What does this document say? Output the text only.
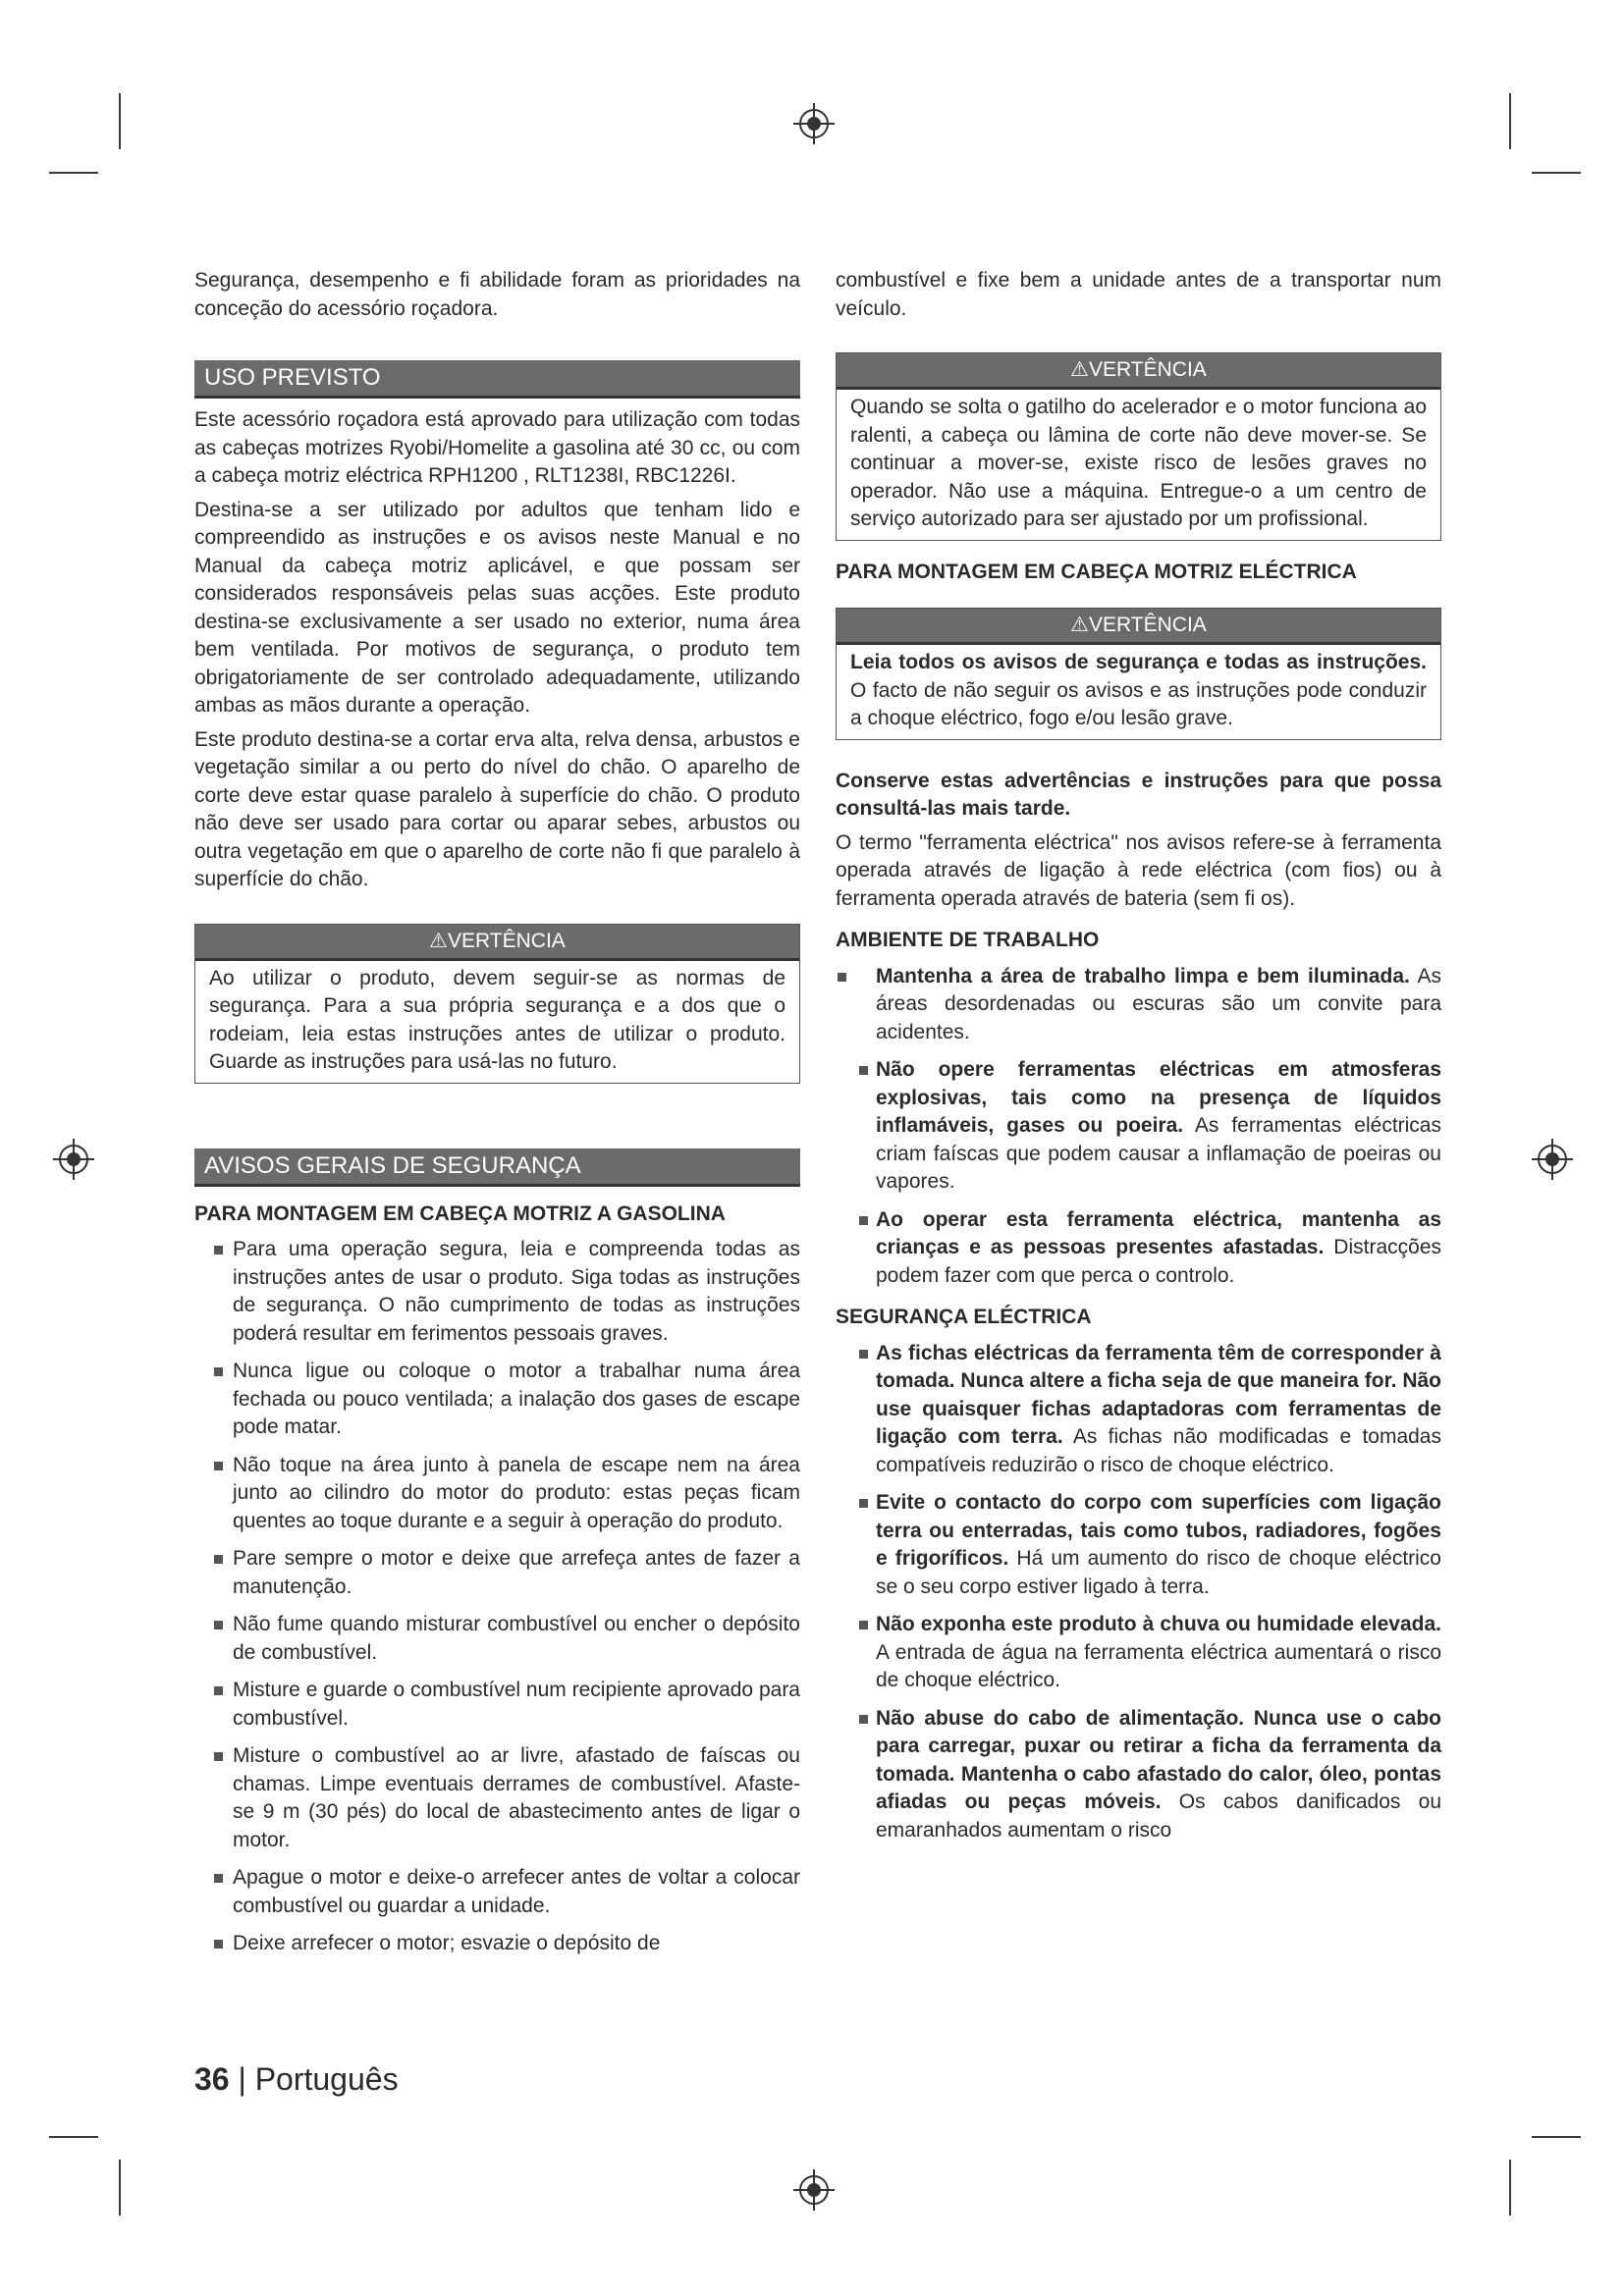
Segurança, desempenho e fi abilidade foram as prioridades na conceção do acessório roçadora.

USO PREVISTO

Este acessório roçadora está aprovado para utilização com todas as cabeças motrizes Ryobi/Homelite a gasolina até 30 cc, ou com a cabeça motriz eléctrica RPH1200 , RLT1238I, RBC1226I.

Destina-se a ser utilizado por adultos que tenham lido e compreendido as instruções e os avisos neste Manual e no Manual da cabeça motriz aplicável, e que possam ser considerados responsáveis pelas suas acções. Este produto destina-se exclusivamente a ser usado no exterior, numa área bem ventilada. Por motivos de segurança, o produto tem obrigatoriamente de ser controlado adequadamente, utilizando ambas as mãos durante a operação.

Este produto destina-se a cortar erva alta, relva densa, arbustos e vegetação similar a ou perto do nível do chão. O aparelho de corte deve estar quase paralelo à superfície do chão. O produto não deve ser usado para cortar ou aparar sebes, arbustos ou outra vegetação em que o aparelho de corte não fi que paralelo à superfície do chão.

⚠VERTÊNCIA
Ao utilizar o produto, devem seguir-se as normas de segurança. Para a sua própria segurança e a dos que o rodeiam, leia estas instruções antes de utilizar o produto. Guarde as instruções para usá-las no futuro.
AVISOS GERAIS DE SEGURANÇA
PARA MONTAGEM EM CABEÇA MOTRIZ A GASOLINA
Para uma operação segura, leia e compreenda todas as instruções antes de usar o produto. Siga todas as instruções de segurança. O não cumprimento de todas as instruções poderá resultar em ferimentos pessoais graves.
Nunca ligue ou coloque o motor a trabalhar numa área fechada ou pouco ventilada; a inalação dos gases de escape pode matar.
Não toque na área junto à panela de escape nem na área junto ao cilindro do motor do produto: estas peças ficam quentes ao toque durante e a seguir à operação do produto.
Pare sempre o motor e deixe que arrefeça antes de fazer a manutenção.
Não fume quando misturar combustível ou encher o depósito de combustível.
Misture e guarde o combustível num recipiente aprovado para combustível.
Misture o combustível ao ar livre, afastado de faíscas ou chamas. Limpe eventuais derrames de combustível. Afaste-se 9 m (30 pés) do local de abastecimento antes de ligar o motor.
Apague o motor e deixe-o arrefecer antes de voltar a colocar combustível ou guardar a unidade.
Deixe arrefecer o motor; esvazie o depósito de

combustível e fixe bem a unidade antes de a transportar num veículo.

⚠VERTÊNCIA
Quando se solta o gatilho do acelerador e o motor funciona ao ralenti, a cabeça ou lâmina de corte não deve mover-se. Se continuar a mover-se, existe risco de lesões graves no operador. Não use a máquina. Entregue-o a um centro de serviço autorizado para ser ajustado por um profissional.
PARA MONTAGEM EM CABEÇA MOTRIZ ELÉCTRICA
⚠VERTÊNCIA
Leia todos os avisos de segurança e todas as instruções. O facto de não seguir os avisos e as instruções pode conduzir a choque eléctrico, fogo e/ou lesão grave.

Conserve estas advertências e instruções para que possa consultá-las mais tarde.

O termo "ferramenta eléctrica" nos avisos refere-se à ferramenta operada através de ligação à rede eléctrica (com fios) ou à ferramenta operada através de bateria (sem fi os).

AMBIENTE DE TRABALHO
Mantenha a área de trabalho limpa e bem iluminada. As áreas desordenadas ou escuras são um convite para acidentes.
Não opere ferramentas eléctricas em atmosferas explosivas, tais como na presença de líquidos inflamáveis, gases ou poeira. As ferramentas eléctricas criam faíscas que podem causar a inflamação de poeiras ou vapores.
Ao operar esta ferramenta eléctrica, mantenha as crianças e as pessoas presentes afastadas. Distracções podem fazer com que perca o controlo.
SEGURANÇA ELÉCTRICA
As fichas eléctricas da ferramenta têm de corresponder à tomada. Nunca altere a ficha seja de que maneira for. Não use quaisquer fichas adaptadoras com ferramentas de ligação com terra. As fichas não modificadas e tomadas compatíveis reduzirão o risco de choque eléctrico.
Evite o contacto do corpo com superfícies com ligação terra ou enterradas, tais como tubos, radiadores, fogões e frigoríficos. Há um aumento do risco de choque eléctrico se o seu corpo estiver ligado à terra.
Não exponha este produto à chuva ou humidade elevada. A entrada de água na ferramenta eléctrica aumentará o risco de choque eléctrico.
Não abuse do cabo de alimentação. Nunca use o cabo para carregar, puxar ou retirar a ficha da ferramenta da tomada. Mantenha o cabo afastado do calor, óleo, pontas afiadas ou peças móveis. Os cabos danificados ou emaranhados aumentam o risco
36 | Português
